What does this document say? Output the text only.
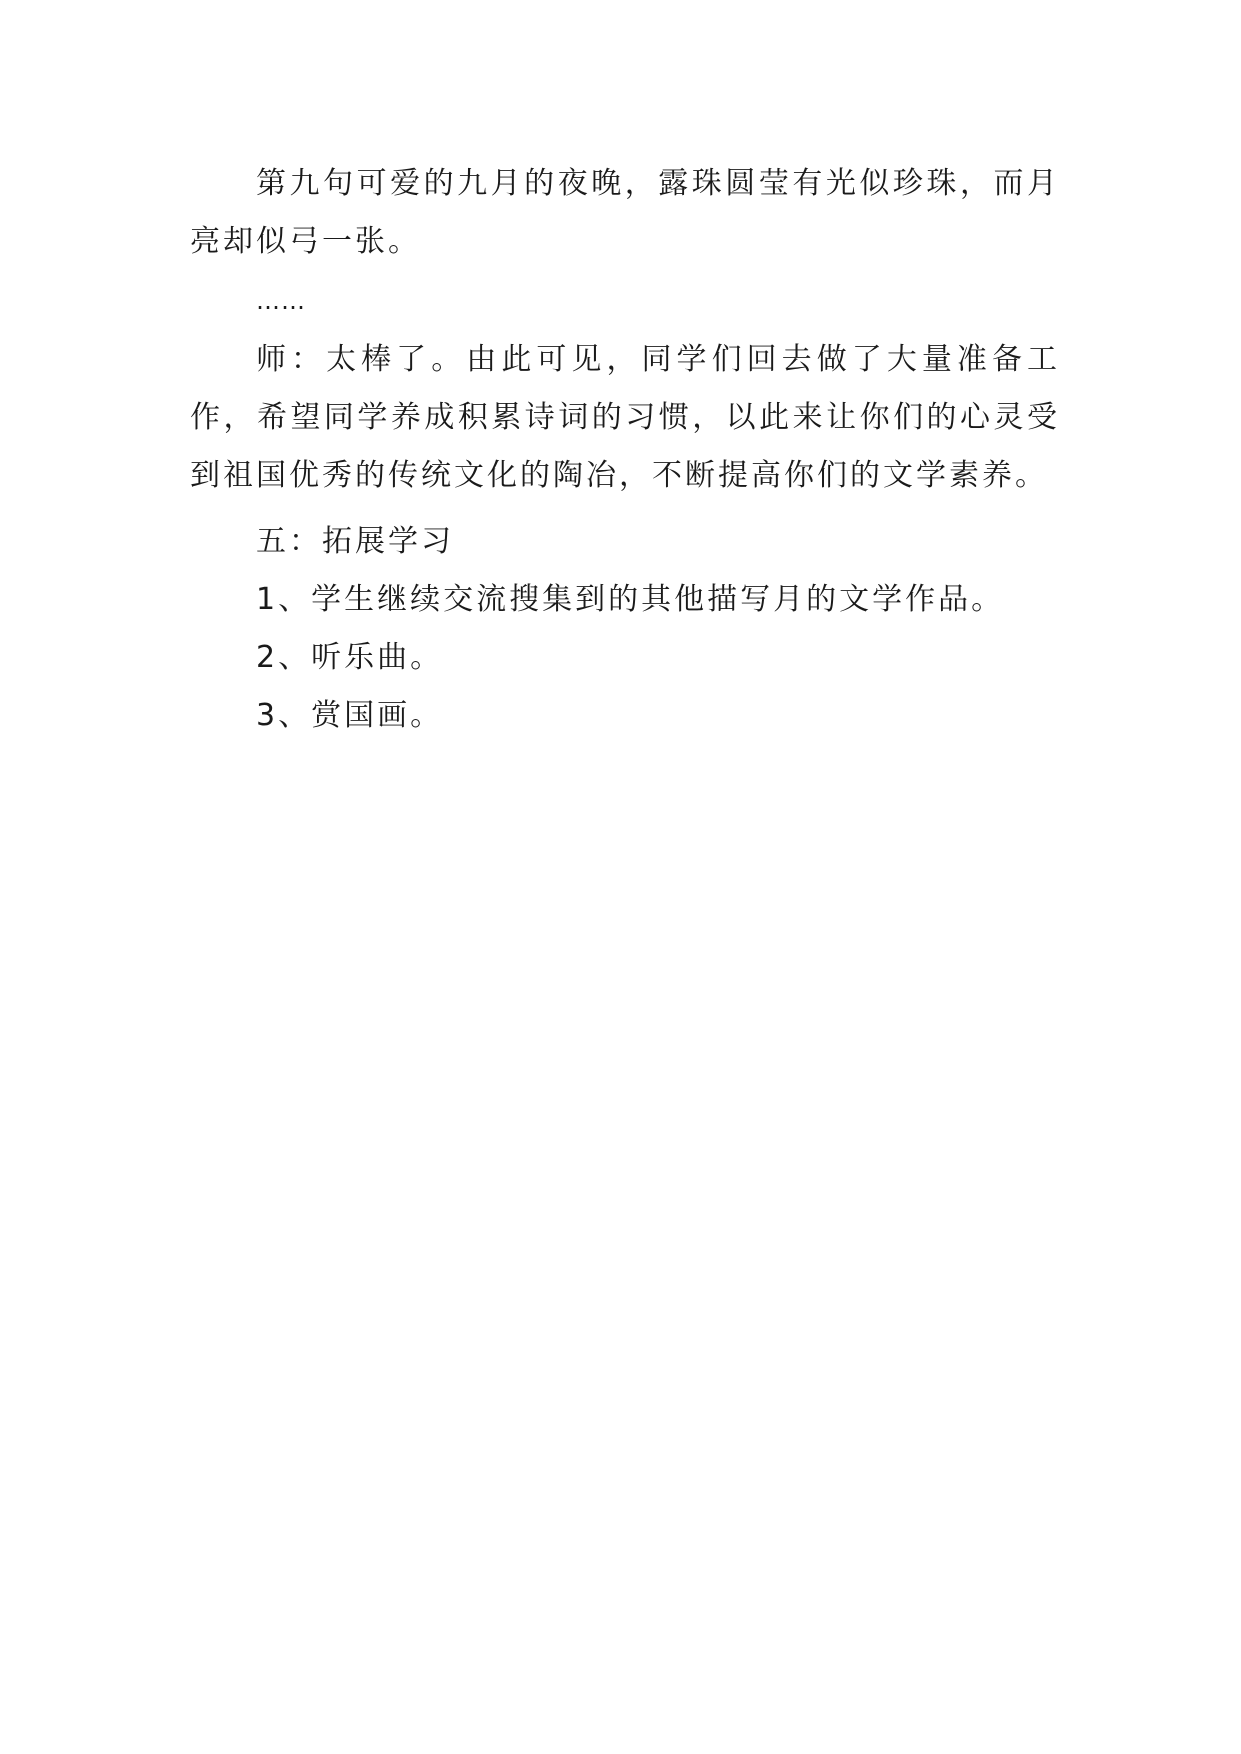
第九句可爱的九月的夜晚，露珠圆莹有光似珍珠，而月亮却似弓一张。

……

师：太棒了。由此可见，同学们回去做了大量准备工作，希望同学养成积累诗词的习惯，以此来让你们的心灵受到祖国优秀的传统文化的陶冶，不断提高你们的文学素养。

五：拓展学习

1、学生继续交流搜集到的其他描写月的文学作品。

2、听乐曲。

3、赏国画。
